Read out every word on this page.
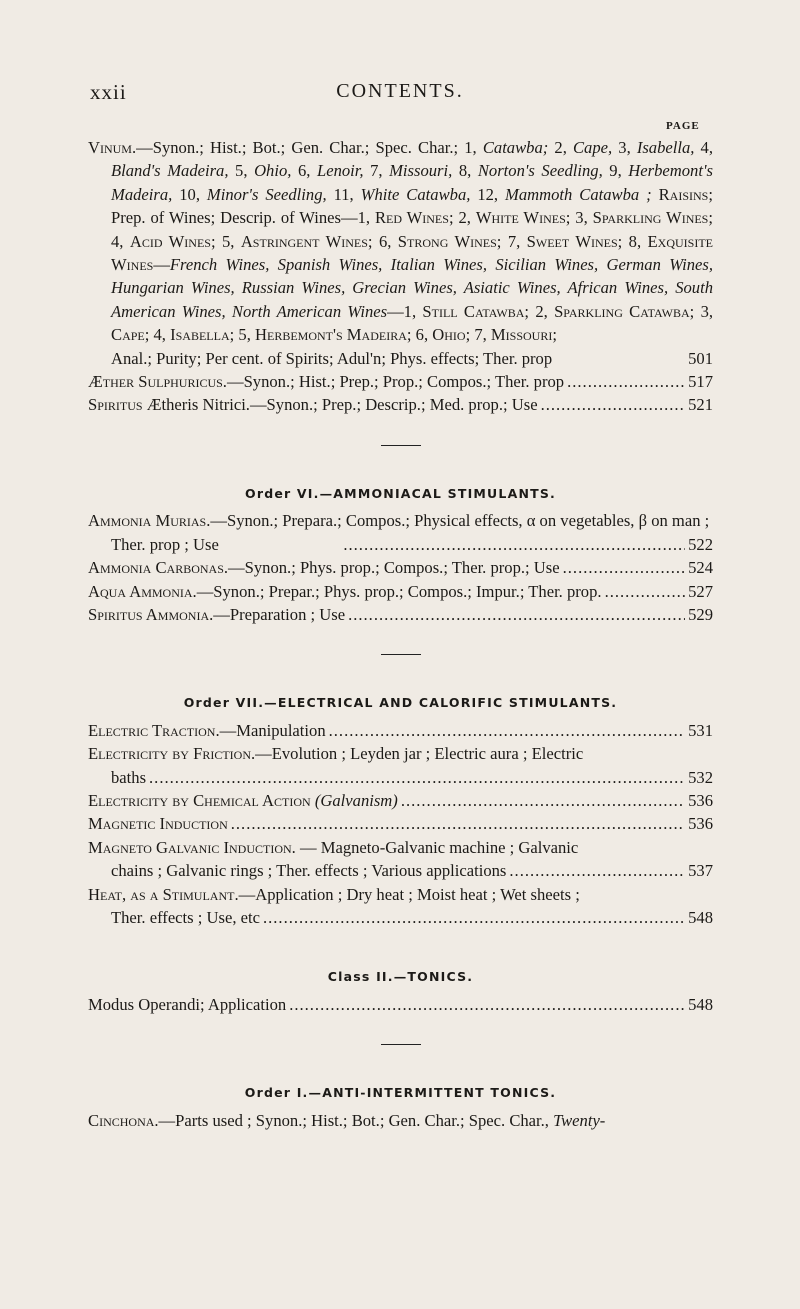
xxii	CONTENTS.
PAGE

Vinum.—Synon.; Hist.; Bot.; Gen. Char.; Spec. Char.; 1, Catawba; 2, Cape, 3, Isabella, 4, Bland's Madeira, 5, Ohio, 6, Lenoir, 7, Missouri, 8, Norton's Seedling, 9, Herbemont's Madeira, 10, Minor's Seedling, 11, White Catawba, 12, Mammoth Catawba ; Raisins; Prep. of Wines; Descrip. of Wines—1, Red Wines; 2, White Wines; 3, Sparkling Wines; 4, Acid Wines; 5, Astringent Wines; 6, Strong Wines; 7, Sweet Wines; 8, Exquisite Wines—French Wines, Spanish Wines, Italian Wines, Sicilian Wines, German Wines, Hungarian Wines, Russian Wines, Grecian Wines, Asiatic Wines, African Wines, South American Wines, North American Wines—1, Still Catawba; 2, Sparkling Catawba; 3, Cape; 4, Isabella; 5, Herbemont's Madeira; 6, Ohio; 7, Missouri;

Anal.; Purity; Per cent. of Spirits; Adul'n; Phys. effects; Ther. prop	501
Æther Sulphuricus.—Synon.; Hist.; Prep.; Prop.; Compos.; Ther. prop .....	517
Spiritus Ætheris Nitrici.—Synon.; Prep.; Descrip.; Med. prop.; Use .....	521
Order VI.—AMMONIACAL STIMULANTS.

Ammonia Murias.—Synon.; Prepara.; Compos.; Physical effects, α on vegetables, β on man ; Ther. prop ; Use .....	522
Ammonia Carbonas.—Synon.; Phys. prop.; Compos.; Ther. prop.; Use .....	524
Aqua Ammonia.—Synon.; Prepar.; Phys. prop.; Compos.; Impur.; Ther. prop. .....	527
Spiritus Ammonia.—Preparation ; Use .....	529
Order VII.—ELECTRICAL AND CALORIFIC STIMULANTS.
Electric Traction.—Manipulation .....	531
Electricity by Friction.—Evolution ; Leyden jar ; Electric aura ; Electric
baths .....	532
Electricity by Chemical Action (Galvanism) .....	536
Magnetic Induction .....	536
Magneto Galvanic Induction. — Magneto-Galvanic machine ; Galvanic
chains ; Galvanic rings ; Ther. effects ; Various applications .....	537
Heat, as a Stimulant.—Application ; Dry heat ; Moist heat ; Wet sheets ;
Ther. effects ; Use, etc .....	548
Class II.—TONICS.
Modus Operandi; Application .....	548
Order I.—ANTI-INTERMITTENT TONICS.
Cinchona.—Parts used ; Synon.; Hist.; Bot.; Gen. Char.; Spec. Char., Twenty-
